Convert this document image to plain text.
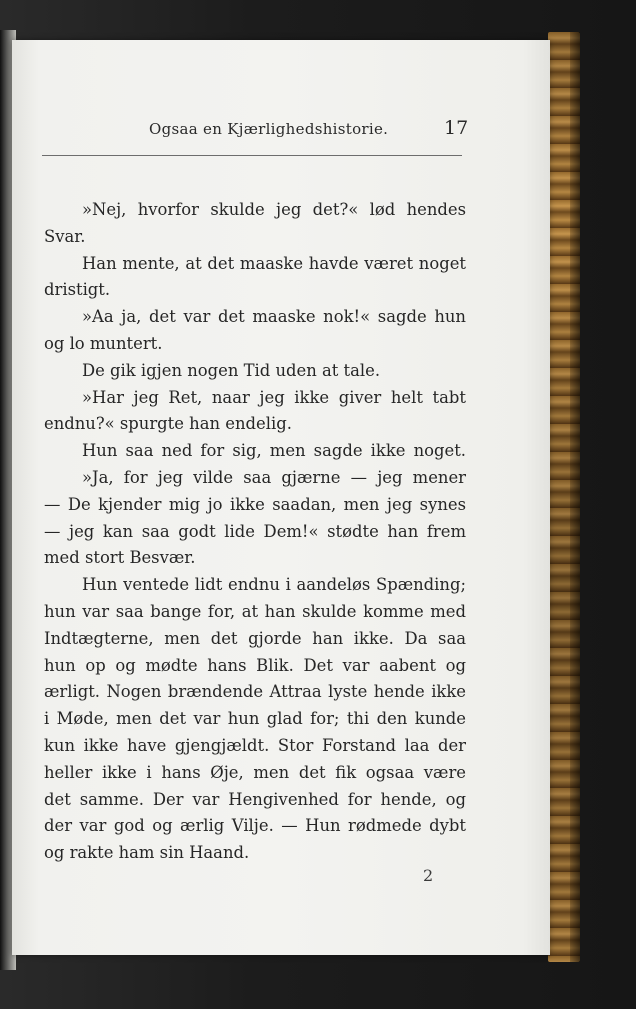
Ogsaa en Kjærlighedshistorie.	17
»Nej, hvorfor skulde jeg det?« lød hendes
Svar.
Han mente, at det maaske havde været noget
dristigt.
»Aa ja, det var det maaske nok!« sagde hun
og lo muntert.
De gik igjen nogen Tid uden at tale.
»Har jeg Ret, naar jeg ikke giver helt tabt
endnu?« spurgte han endelig.
Hun saa ned for sig, men sagde ikke noget.
»Ja, for jeg vilde saa gjærne — jeg mener
— De kjender mig jo ikke saadan, men jeg synes
— jeg kan saa godt lide Dem!« stødte han frem
med stort Besvær.
Hun ventede lidt endnu i aandeløs Spænding;
hun var saa bange for, at han skulde komme med
Indtægterne, men det gjorde han ikke. Da saa
hun op og mødte hans Blik. Det var aabent og
ærligt. Nogen brændende Attraa lyste hende ikke
i Møde, men det var hun glad for; thi den kunde
kun ikke have gjengjældt. Stor Forstand laa der
heller ikke i hans Øje, men det fik ogsaa være
det samme. Der var Hengivenhed for hende, og
der var god og ærlig Vilje. — Hun rødmede dybt
og rakte ham sin Haand.
2
